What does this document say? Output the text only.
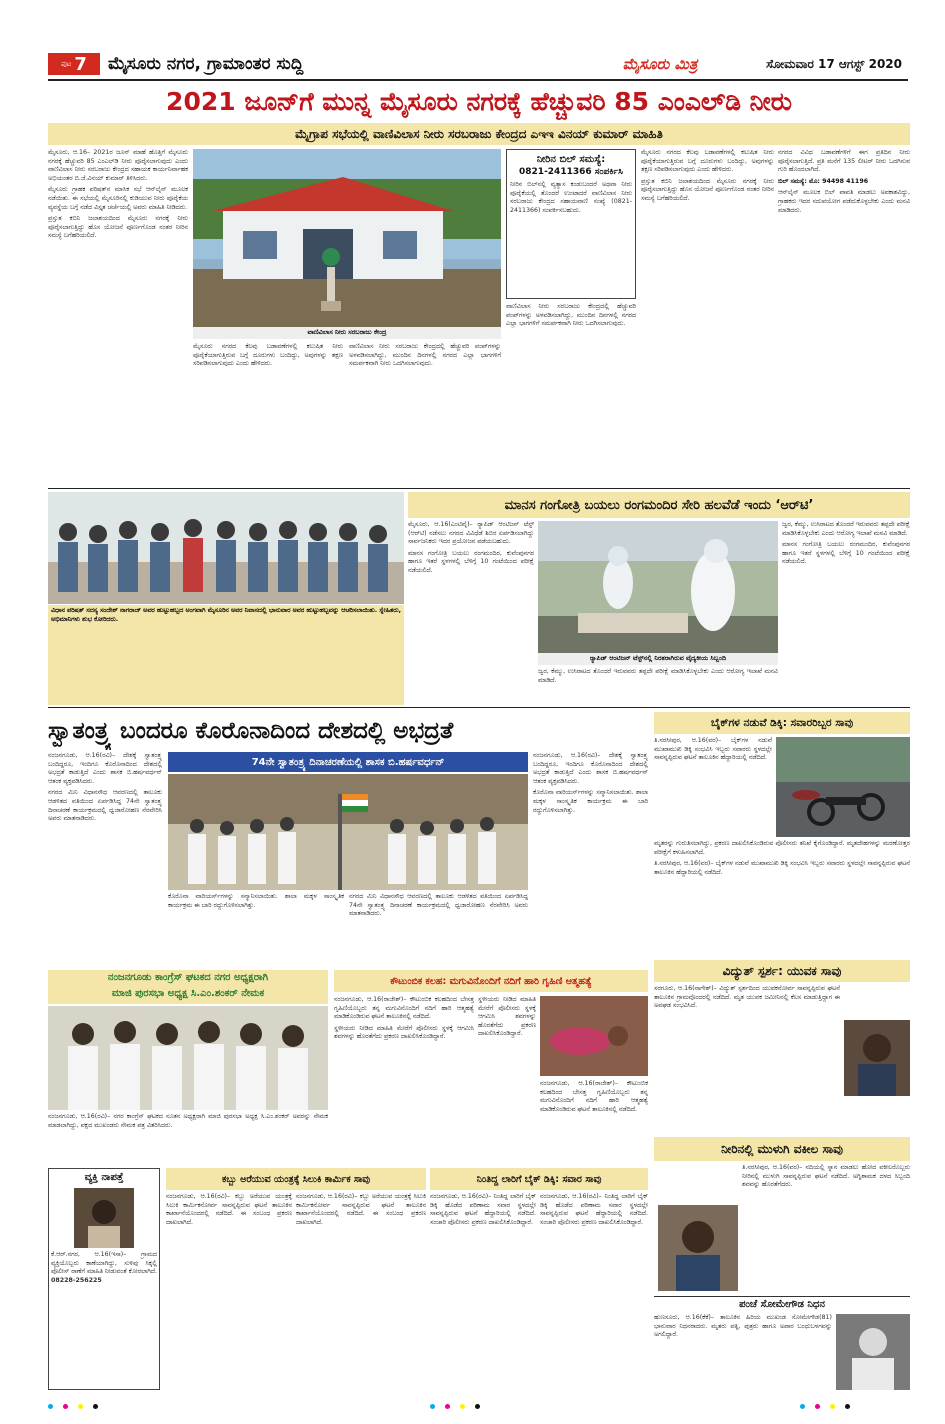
ಪುಟ 7 ಮೈಸೂರು ನಗರ, ಗ್ರಾಮಾಂತರ ಸುದ್ದಿ	ಮೈಸೂರು ಮಿತ್ರ	ಸೋಮವಾರ 17 ಆಗಸ್ಟ್ 2020
2021 ಜೂನ್‌ಗೆ ಮುನ್ನ ಮೈಸೂರು ನಗರಕ್ಕೆ ಹೆಚ್ಚುವರಿ 85 ಎಂಎಲ್‌ಡಿ ನೀರು
ಮೈಗ್ರಾಪ ಸಭೆಯಲ್ಲಿ ವಾಣಿವಿಲಾಸ ನೀರು ಸರಬರಾಜು ಕೇಂದ್ರದ ಎಇಇ ವಿನಯ್ ಕುಮಾರ್ ಮಾಹಿತಿ

ಮೈಸೂರು, ಆ.16– 2021ರ ಜೂನ್ ಮಾಹೆ ಹೊತ್ತಿಗೆ ಮೈಸೂರು ನಗರಕ್ಕೆ ಹೆಚ್ಚುವರಿ 85 ಎಂಎಲ್‌ಡಿ ನೀರು ಪೂರೈಸಲಾಗುವುದು ಎಂದು ವಾಣಿವಿಲಾಸ ನೀರು ಸರಬರಾಜು ಕೇಂದ್ರದ ಸಹಾಯಕ ಕಾರ್ಯನಿರ್ವಾಹಕ ಅಭಿಯಂತರ ಬಿ.ಜೆ.ವಿನಯ್ ಕುಮಾರ್ ತಿಳಿಸಿದರು.

ಮೈಸೂರು ಗ್ರಾಹಕ ಪರಿಷತ್‌ನ ಮಾಸಿಕ ಸಭೆ ಆನ್‌ಲೈನ್ ಮೂಲಕ ನಡೆಯಿತು. ಈ ಸಭೆಯಲ್ಲಿ ಮೈಸೂರಿನಲ್ಲಿ ಕುಡಿಯುವ ನೀರು ಪೂರೈಕೆಯ ವ್ಯವಸ್ಥೆಯ ಬಗ್ಗೆ ನಡೆದ ವಿಸ್ತೃತ ಚರ್ಚೆಯಲ್ಲಿ ಅವರು ಮಾಹಿತಿ ನೀಡಿದರು.

ಪ್ರಸ್ತುತ ಕಬಿನಿ ಜಲಾಶಯದಿಂದ ಮೈಸೂರು ನಗರಕ್ಕೆ ನೀರು ಪೂರೈಸಲಾಗುತ್ತಿದ್ದು ಹೊಸ ಯೋಜನೆ ಪೂರ್ಣಗೊಂಡ ನಂತರ ನೀರಿನ ಸಮಸ್ಯೆ ಬಗೆಹರಿಯಲಿದೆ.

ವಾಣಿವಿಲಾಸ ನೀರು ಸರಬರಾಜು ಕೇಂದ್ರ

ಮೈಸೂರು ನಗರದ ಕೆಲವು ಬಡಾವಣೆಗಳಲ್ಲಿ ಕಲುಷಿತ ನೀರು ಪೂರೈಕೆಯಾಗುತ್ತಿರುವ ಬಗ್ಗೆ ದೂರುಗಳು ಬಂದಿದ್ದು, ಅವುಗಳನ್ನು ತಕ್ಷಣ ಸರಿಪಡಿಸಲಾಗುವುದು ಎಂದು ಹೇಳಿದರು.

ವಾಣಿವಿಲಾಸ ನೀರು ಸರಬರಾಜು ಕೇಂದ್ರದಲ್ಲಿ ಹೆಚ್ಚುವರಿ ಪಂಪ್‌ಗಳನ್ನು ಅಳವಡಿಸಲಾಗಿದ್ದು, ಮುಂದಿನ ದಿನಗಳಲ್ಲಿ ನಗರದ ಎಲ್ಲಾ ಭಾಗಗಳಿಗೆ ಸಮರ್ಪಕವಾಗಿ ನೀರು ಒದಗಿಸಲಾಗುವುದು.

ನೀರಿನ ಬಿಲ್ ಸಮಸ್ಯೆ:
0821-2411366 ಸಂಪರ್ಕಿಸಿ
ನೀರಿನ ಬಿಲ್‌ನಲ್ಲಿ ವ್ಯತ್ಯಾಸ ಕಂಡುಬಂದರೆ ಅಥವಾ ನೀರು ಪೂರೈಕೆಯಲ್ಲಿ ತೊಂದರೆ ಉಂಟಾದರೆ ವಾಣಿವಿಲಾಸ ನೀರು ಸರಬರಾಜು ಕೇಂದ್ರದ ಸಹಾಯವಾಣಿ ಸಂಖ್ಯೆ (0821-2411366) ಸಂಪರ್ಕಿಸಬಹುದು.

ವಾಣಿವಿಲಾಸ ನೀರು ಸರಬರಾಜು ಕೇಂದ್ರದಲ್ಲಿ ಹೆಚ್ಚುವರಿ ಪಂಪ್‌ಗಳನ್ನು ಅಳವಡಿಸಲಾಗಿದ್ದು, ಮುಂದಿನ ದಿನಗಳಲ್ಲಿ ನಗರದ ಎಲ್ಲಾ ಭಾಗಗಳಿಗೆ ಸಮರ್ಪಕವಾಗಿ ನೀರು ಒದಗಿಸಲಾಗುವುದು.

ಮೈಸೂರು ನಗರದ ಕೆಲವು ಬಡಾವಣೆಗಳಲ್ಲಿ ಕಲುಷಿತ ನೀರು ಪೂರೈಕೆಯಾಗುತ್ತಿರುವ ಬಗ್ಗೆ ದೂರುಗಳು ಬಂದಿದ್ದು, ಅವುಗಳನ್ನು ತಕ್ಷಣ ಸರಿಪಡಿಸಲಾಗುವುದು ಎಂದು ಹೇಳಿದರು.

ಪ್ರಸ್ತುತ ಕಬಿನಿ ಜಲಾಶಯದಿಂದ ಮೈಸೂರು ನಗರಕ್ಕೆ ನೀರು ಪೂರೈಸಲಾಗುತ್ತಿದ್ದು ಹೊಸ ಯೋಜನೆ ಪೂರ್ಣಗೊಂಡ ನಂತರ ನೀರಿನ ಸಮಸ್ಯೆ ಬಗೆಹರಿಯಲಿದೆ.

ನಗರದ ವಿವಿಧ ಬಡಾವಣೆಗಳಿಗೆ ಈಗ ಪ್ರತಿದಿನ ನೀರು ಪೂರೈಸಲಾಗುತ್ತಿದೆ. ಪ್ರತಿ ಮನೆಗೆ 135 ಲೀಟರ್ ನೀರು ಒದಗಿಸುವ ಗುರಿ ಹೊಂದಲಾಗಿದೆ.

ಬಿಲ್ ಸಮಸ್ಯೆ: ಮೊ: 94498 41196

ಆನ್‌ಲೈನ್ ಮೂಲಕ ಬಿಲ್ ಪಾವತಿ ಮಾಡಲು ಅವಕಾಶವಿದ್ದು, ಗ್ರಾಹಕರು ಇದರ ಸದುಪಯೋಗ ಪಡೆದುಕೊಳ್ಳಬೇಕು ಎಂದು ಮನವಿ ಮಾಡಿದರು.

ವಿಧಾನ ಪರಿಷತ್ ಸದಸ್ಯ ಸಂದೇಶ್ ನಾಗರಾಜ್ ಅವರ ಹುಟ್ಟುಹಬ್ಬದ ಅಂಗವಾಗಿ ಮೈಸೂರಿನ ಅವರ ನಿವಾಸದಲ್ಲಿ ಭಾನುವಾರ ಅವರ ಹುಟ್ಟುಹಬ್ಬವನ್ನು ಆಚರಿಸಲಾಯಿತು. ಸ್ನೇಹಿತರು, ಅಭಿಮಾನಿಗಳು ಶುಭ ಕೋರಿದರು.
ಮಾನಸ ಗಂಗೋತ್ರಿ ಬಯಲು ರಂಗಮಂದಿರ ಸೇರಿ ಹಲವೆಡೆ ಇಂದು ‘ಆರ್‌ಟಿ’
ರ್‍ಯಾಪಿಡ್ ಆಂಟಿಜನ್ ಟೆಸ್ಟ್‌ನಲ್ಲಿ ನಿರತರಾಗಿರುವ ವೈದ್ಯಕೀಯ ಸಿಬ್ಬಂದಿ

ಮೈಸೂರು, ಆ.16(ಎಂಟಿವೈ)– ರ್‍ಯಾಪಿಡ್ ಆಂಟಿಜನ್ ಟೆಸ್ಟ್ (ಆರ್‌ಟಿ) ನಡೆಸಲು ನಗರದ ವಿವಿಧೆಡೆ ಶಿಬಿರ ಏರ್ಪಡಿಸಲಾಗಿದ್ದು ಸಾರ್ವಜನಿಕರು ಇದರ ಪ್ರಯೋಜನ ಪಡೆಯಬಹುದು.

ಮಾನಸ ಗಂಗೋತ್ರಿ ಬಯಲು ರಂಗಮಂದಿರ, ಕುವೆಂಪುನಗರ ಹಾಗೂ ಇತರೆ ಸ್ಥಳಗಳಲ್ಲಿ ಬೆಳಿಗ್ಗೆ 10 ಗಂಟೆಯಿಂದ ಪರೀಕ್ಷೆ ನಡೆಯಲಿದೆ.

ಜ್ವರ, ಕೆಮ್ಮು, ಉಸಿರಾಟದ ತೊಂದರೆ ಇರುವವರು ತಪ್ಪದೇ ಪರೀಕ್ಷೆ ಮಾಡಿಸಿಕೊಳ್ಳಬೇಕು ಎಂದು ಆರೋಗ್ಯ ಇಲಾಖೆ ಮನವಿ ಮಾಡಿದೆ.

ಜ್ವರ, ಕೆಮ್ಮು, ಉಸಿರಾಟದ ತೊಂದರೆ ಇರುವವರು ತಪ್ಪದೇ ಪರೀಕ್ಷೆ ಮಾಡಿಸಿಕೊಳ್ಳಬೇಕು ಎಂದು ಆರೋಗ್ಯ ಇಲಾಖೆ ಮನವಿ ಮಾಡಿದೆ.

ಮಾನಸ ಗಂಗೋತ್ರಿ ಬಯಲು ರಂಗಮಂದಿರ, ಕುವೆಂಪುನಗರ ಹಾಗೂ ಇತರೆ ಸ್ಥಳಗಳಲ್ಲಿ ಬೆಳಿಗ್ಗೆ 10 ಗಂಟೆಯಿಂದ ಪರೀಕ್ಷೆ ನಡೆಯಲಿದೆ.

ಸ್ವಾತಂತ್ರ್ಯ ಬಂದರೂ ಕೊರೊನಾದಿಂದ ದೇಶದಲ್ಲಿ ಅಭದ್ರತೆ
74ನೇ ಸ್ವಾತಂತ್ರ್ಯ ದಿನಾಚರಣೆಯಲ್ಲಿ ಶಾಸಕ ಬಿ.ಹರ್ಷವರ್ಧನ್

ನಂಜನಗೂಡು, ಆ.16(ರವಿ)– ದೇಶಕ್ಕೆ ಸ್ವಾತಂತ್ರ್ಯ ಬಂದಿದ್ದರೂ, ಇಂದಿಗೂ ಕೊರೊನಾದಿಂದ ದೇಶದಲ್ಲಿ ಅಭದ್ರತೆ ಕಾಡುತ್ತಿದೆ ಎಂದು ಶಾಸಕ ಬಿ.ಹರ್ಷವರ್ಧನ್ ಆತಂಕ ವ್ಯಕ್ತಪಡಿಸಿದರು.

ನಗರದ ಮಿನಿ ವಿಧಾನಸೌಧ ಆವರಣದಲ್ಲಿ ತಾಲೂಕು ಆಡಳಿತದ ವತಿಯಿಂದ ಏರ್ಪಡಿಸಿದ್ದ 74ನೇ ಸ್ವಾತಂತ್ರ್ಯ ದಿನಾಚರಣೆ ಕಾರ್ಯಕ್ರಮದಲ್ಲಿ ಧ್ವಜಾರೋಹಣ ನೆರವೇರಿಸಿ ಅವರು ಮಾತನಾಡಿದರು.

ಕೊರೊನಾ ವಾರಿಯರ್ಸ್‌ಗಳನ್ನು ಸನ್ಮಾನಿಸಲಾಯಿತು. ಶಾಲಾ ಮಕ್ಕಳ ಸಾಂಸ್ಕೃತಿಕ ಕಾರ್ಯಕ್ರಮ ಈ ಬಾರಿ ರದ್ದುಗೊಳಿಸಲಾಗಿತ್ತು.

ನಗರದ ಮಿನಿ ವಿಧಾನಸೌಧ ಆವರಣದಲ್ಲಿ ತಾಲೂಕು ಆಡಳಿತದ ವತಿಯಿಂದ ಏರ್ಪಡಿಸಿದ್ದ 74ನೇ ಸ್ವಾತಂತ್ರ್ಯ ದಿನಾಚರಣೆ ಕಾರ್ಯಕ್ರಮದಲ್ಲಿ ಧ್ವಜಾರೋಹಣ ನೆರವೇರಿಸಿ ಅವರು ಮಾತನಾಡಿದರು.

ನಂಜನಗೂಡು, ಆ.16(ರವಿ)– ದೇಶಕ್ಕೆ ಸ್ವಾತಂತ್ರ್ಯ ಬಂದಿದ್ದರೂ, ಇಂದಿಗೂ ಕೊರೊನಾದಿಂದ ದೇಶದಲ್ಲಿ ಅಭದ್ರತೆ ಕಾಡುತ್ತಿದೆ ಎಂದು ಶಾಸಕ ಬಿ.ಹರ್ಷವರ್ಧನ್ ಆತಂಕ ವ್ಯಕ್ತಪಡಿಸಿದರು.

ಕೊರೊನಾ ವಾರಿಯರ್ಸ್‌ಗಳನ್ನು ಸನ್ಮಾನಿಸಲಾಯಿತು. ಶಾಲಾ ಮಕ್ಕಳ ಸಾಂಸ್ಕೃತಿಕ ಕಾರ್ಯಕ್ರಮ ಈ ಬಾರಿ ರದ್ದುಗೊಳಿಸಲಾಗಿತ್ತು.

ಬೈಕ್‌ಗಳ ನಡುವೆ ಡಿಕ್ಕಿ: ಸವಾರರಿಬ್ಬರ ಸಾವು

ತಿ.ನರಸೀಪುರ, ಆ.16(ವರ)– ಬೈಕ್‌ಗಳ ನಡುವೆ ಮುಖಾಮುಖಿ ಡಿಕ್ಕಿ ಸಂಭವಿಸಿ ಇಬ್ಬರು ಸವಾರರು ಸ್ಥಳದಲ್ಲೇ ಸಾವನ್ನಪ್ಪಿರುವ ಘಟನೆ ತಾಲೂಕಿನ ಹೆದ್ದಾರಿಯಲ್ಲಿ ನಡೆದಿದೆ.

ಮೃತರನ್ನು ಗುರುತಿಸಲಾಗಿದ್ದು, ಪ್ರಕರಣ ದಾಖಲಿಸಿಕೊಂಡಿರುವ ಪೊಲೀಸರು ತನಿಖೆ ಕೈಗೊಂಡಿದ್ದಾರೆ. ಮೃತದೇಹಗಳನ್ನು ಮರಣೋತ್ತರ ಪರೀಕ್ಷೆಗೆ ಕಳುಹಿಸಲಾಗಿದೆ.

ತಿ.ನರಸೀಪುರ, ಆ.16(ವರ)– ಬೈಕ್‌ಗಳ ನಡುವೆ ಮುಖಾಮುಖಿ ಡಿಕ್ಕಿ ಸಂಭವಿಸಿ ಇಬ್ಬರು ಸವಾರರು ಸ್ಥಳದಲ್ಲೇ ಸಾವನ್ನಪ್ಪಿರುವ ಘಟನೆ ತಾಲೂಕಿನ ಹೆದ್ದಾರಿಯಲ್ಲಿ ನಡೆದಿದೆ.

ನಂಜನಗೂಡು ಕಾಂಗ್ರೆಸ್ ಘಟಕದ ನಗರ ಅಧ್ಯಕ್ಷರಾಗಿ
ಮಾಜಿ ಪುರಸಭಾ ಅಧ್ಯಕ್ಷ ಸಿ.ಎಂ.ಶಂಕರ್ ನೇಮಕ

ನಂಜನಗೂಡು, ಆ.16(ರವಿ)– ನಗರ ಕಾಂಗ್ರೆಸ್ ಘಟಕದ ನೂತನ ಅಧ್ಯಕ್ಷರಾಗಿ ಮಾಜಿ ಪುರಸಭಾ ಅಧ್ಯಕ್ಷ ಸಿ.ಎಂ.ಶಂಕರ್ ಅವರನ್ನು ನೇಮಕ ಮಾಡಲಾಗಿದ್ದು, ಪಕ್ಷದ ಮುಖಂಡರು ನೇಮಕ ಪತ್ರ ವಿತರಿಸಿದರು.

ಕೌಟುಂಬಿಕ ಕಲಹ: ಮಗುವಿನೊಂದಿಗೆ ನದಿಗೆ ಹಾರಿ ಗೃಹಿಣಿ ಆತ್ಮಹತ್ಯೆ

ನಂಜನಗೂಡು, ಆ.16(ರಾಜೇಶ್)– ಕೌಟುಂಬಿಕ ಕಲಹದಿಂದ ಬೇಸತ್ತ ಗೃಹಿಣಿಯೊಬ್ಬರು ತನ್ನ ಮಗುವಿನೊಂದಿಗೆ ನದಿಗೆ ಹಾರಿ ಆತ್ಮಹತ್ಯೆ ಮಾಡಿಕೊಂಡಿರುವ ಘಟನೆ ತಾಲೂಕಿನಲ್ಲಿ ನಡೆದಿದೆ.

ಸ್ಥಳೀಯರು ನೀಡಿದ ಮಾಹಿತಿ ಮೇರೆಗೆ ಪೊಲೀಸರು ಸ್ಥಳಕ್ಕೆ ಆಗಮಿಸಿ ಶವಗಳನ್ನು ಹೊರತೆಗೆದು ಪ್ರಕರಣ ದಾಖಲಿಸಿಕೊಂಡಿದ್ದಾರೆ.

ಸ್ಥಳೀಯರು ನೀಡಿದ ಮಾಹಿತಿ ಮೇರೆಗೆ ಪೊಲೀಸರು ಸ್ಥಳಕ್ಕೆ ಆಗಮಿಸಿ ಶವಗಳನ್ನು ಹೊರತೆಗೆದು ಪ್ರಕರಣ ದಾಖಲಿಸಿಕೊಂಡಿದ್ದಾರೆ.

ನಂಜನಗೂಡು, ಆ.16(ರಾಜೇಶ್)– ಕೌಟುಂಬಿಕ ಕಲಹದಿಂದ ಬೇಸತ್ತ ಗೃಹಿಣಿಯೊಬ್ಬರು ತನ್ನ ಮಗುವಿನೊಂದಿಗೆ ನದಿಗೆ ಹಾರಿ ಆತ್ಮಹತ್ಯೆ ಮಾಡಿಕೊಂಡಿರುವ ಘಟನೆ ತಾಲೂಕಿನಲ್ಲಿ ನಡೆದಿದೆ.

ವಿದ್ಯುತ್ ಸ್ಪರ್ಶ: ಯುವಕ ಸಾವು

ಸರಗೂರು, ಆ.16(ನಾಗೇಶ್)– ವಿದ್ಯುತ್ ಸ್ಪರ್ಶದಿಂದ ಯುವಕನೋರ್ವ ಸಾವನ್ನಪ್ಪಿರುವ ಘಟನೆ ತಾಲೂಕಿನ ಗ್ರಾಮವೊಂದರಲ್ಲಿ ನಡೆದಿದೆ. ಮೃತ ಯುವಕ ಜಮೀನಿನಲ್ಲಿ ಕೆಲಸ ಮಾಡುತ್ತಿದ್ದಾಗ ಈ ಅವಘಡ ಸಂಭವಿಸಿದೆ.

ನೀರಿನಲ್ಲಿ ಮುಳುಗಿ ವಕೀಲ ಸಾವು

ತಿ.ನರಸೀಪುರ, ಆ.16(ವರ)– ನದಿಯಲ್ಲಿ ಸ್ನಾನ ಮಾಡಲು ಹೋದ ವಕೀಲರೊಬ್ಬರು ನೀರಿನಲ್ಲಿ ಮುಳುಗಿ ಸಾವನ್ನಪ್ಪಿರುವ ಘಟನೆ ನಡೆದಿದೆ. ಅಗ್ನಿಶಾಮಕ ದಳದ ಸಿಬ್ಬಂದಿ ಶವವನ್ನು ಹೊರತೆಗೆದರು.

ವ್ಯಕ್ತಿ ನಾಪತ್ತೆ
ಕೆ.ಆರ್.ನಗರ, ಆ.16(ಇಸಾ)– ಗ್ರಾಮದ ವ್ಯಕ್ತಿಯೊಬ್ಬರು ಕಾಣೆಯಾಗಿದ್ದು, ಸುಳಿವು ಸಿಕ್ಕಲ್ಲಿ ಪೊಲೀಸ್ ಠಾಣೆಗೆ ಮಾಹಿತಿ ನೀಡುವಂತೆ ಕೋರಲಾಗಿದೆ.
08228-256225
ಕಬ್ಬು ಅರೆಯುವ ಯಂತ್ರಕ್ಕೆ ಸಿಲುಕಿ ಕಾರ್ಮಿಕ ಸಾವು

ನಂಜನಗೂಡು, ಆ.16(ರವಿ)– ಕಬ್ಬು ಅರೆಯುವ ಯಂತ್ರಕ್ಕೆ ಸಿಲುಕಿ ಕಾರ್ಮಿಕನೋರ್ವ ಸಾವನ್ನಪ್ಪಿರುವ ಘಟನೆ ತಾಲೂಕಿನ ಕಾರ್ಖಾನೆಯೊಂದರಲ್ಲಿ ನಡೆದಿದೆ. ಈ ಸಂಬಂಧ ಪ್ರಕರಣ ದಾಖಲಾಗಿದೆ.

ನಂಜನಗೂಡು, ಆ.16(ರವಿ)– ಕಬ್ಬು ಅರೆಯುವ ಯಂತ್ರಕ್ಕೆ ಸಿಲುಕಿ ಕಾರ್ಮಿಕನೋರ್ವ ಸಾವನ್ನಪ್ಪಿರುವ ಘಟನೆ ತಾಲೂಕಿನ ಕಾರ್ಖಾನೆಯೊಂದರಲ್ಲಿ ನಡೆದಿದೆ. ಈ ಸಂಬಂಧ ಪ್ರಕರಣ ದಾಖಲಾಗಿದೆ.

ನಿಂತಿದ್ದ ಲಾರಿಗೆ ಬೈಕ್ ಡಿಕ್ಕಿ: ಸವಾರ ಸಾವು

ನಂಜನಗೂಡು, ಆ.16(ರವಿ)– ನಿಂತಿದ್ದ ಲಾರಿಗೆ ಬೈಕ್ ಡಿಕ್ಕಿ ಹೊಡೆದ ಪರಿಣಾಮ ಸವಾರ ಸ್ಥಳದಲ್ಲೇ ಸಾವನ್ನಪ್ಪಿರುವ ಘಟನೆ ಹೆದ್ದಾರಿಯಲ್ಲಿ ನಡೆದಿದೆ. ಸಂಚಾರಿ ಪೊಲೀಸರು ಪ್ರಕರಣ ದಾಖಲಿಸಿಕೊಂಡಿದ್ದಾರೆ.

ನಂಜನಗೂಡು, ಆ.16(ರವಿ)– ನಿಂತಿದ್ದ ಲಾರಿಗೆ ಬೈಕ್ ಡಿಕ್ಕಿ ಹೊಡೆದ ಪರಿಣಾಮ ಸವಾರ ಸ್ಥಳದಲ್ಲೇ ಸಾವನ್ನಪ್ಪಿರುವ ಘಟನೆ ಹೆದ್ದಾರಿಯಲ್ಲಿ ನಡೆದಿದೆ. ಸಂಚಾರಿ ಪೊಲೀಸರು ಪ್ರಕರಣ ದಾಖಲಿಸಿಕೊಂಡಿದ್ದಾರೆ.

ಪಂಚೆ ಸೋಮೇಗೌಡ ನಿಧನ

ಹುಣಸೂರು, ಆ.16(ಕೆಕೆ)– ತಾಲೂಕಿನ ಹಿರಿಯ ಮುಖಂಡ ಸೋಮೇಗೌಡ(81) ಭಾನುವಾರ ನಿಧನರಾದರು. ಮೃತರು ಪತ್ನಿ, ಪುತ್ರರು ಹಾಗೂ ಅಪಾರ ಬಂಧುಬಳಗವನ್ನು ಅಗಲಿದ್ದಾರೆ.
